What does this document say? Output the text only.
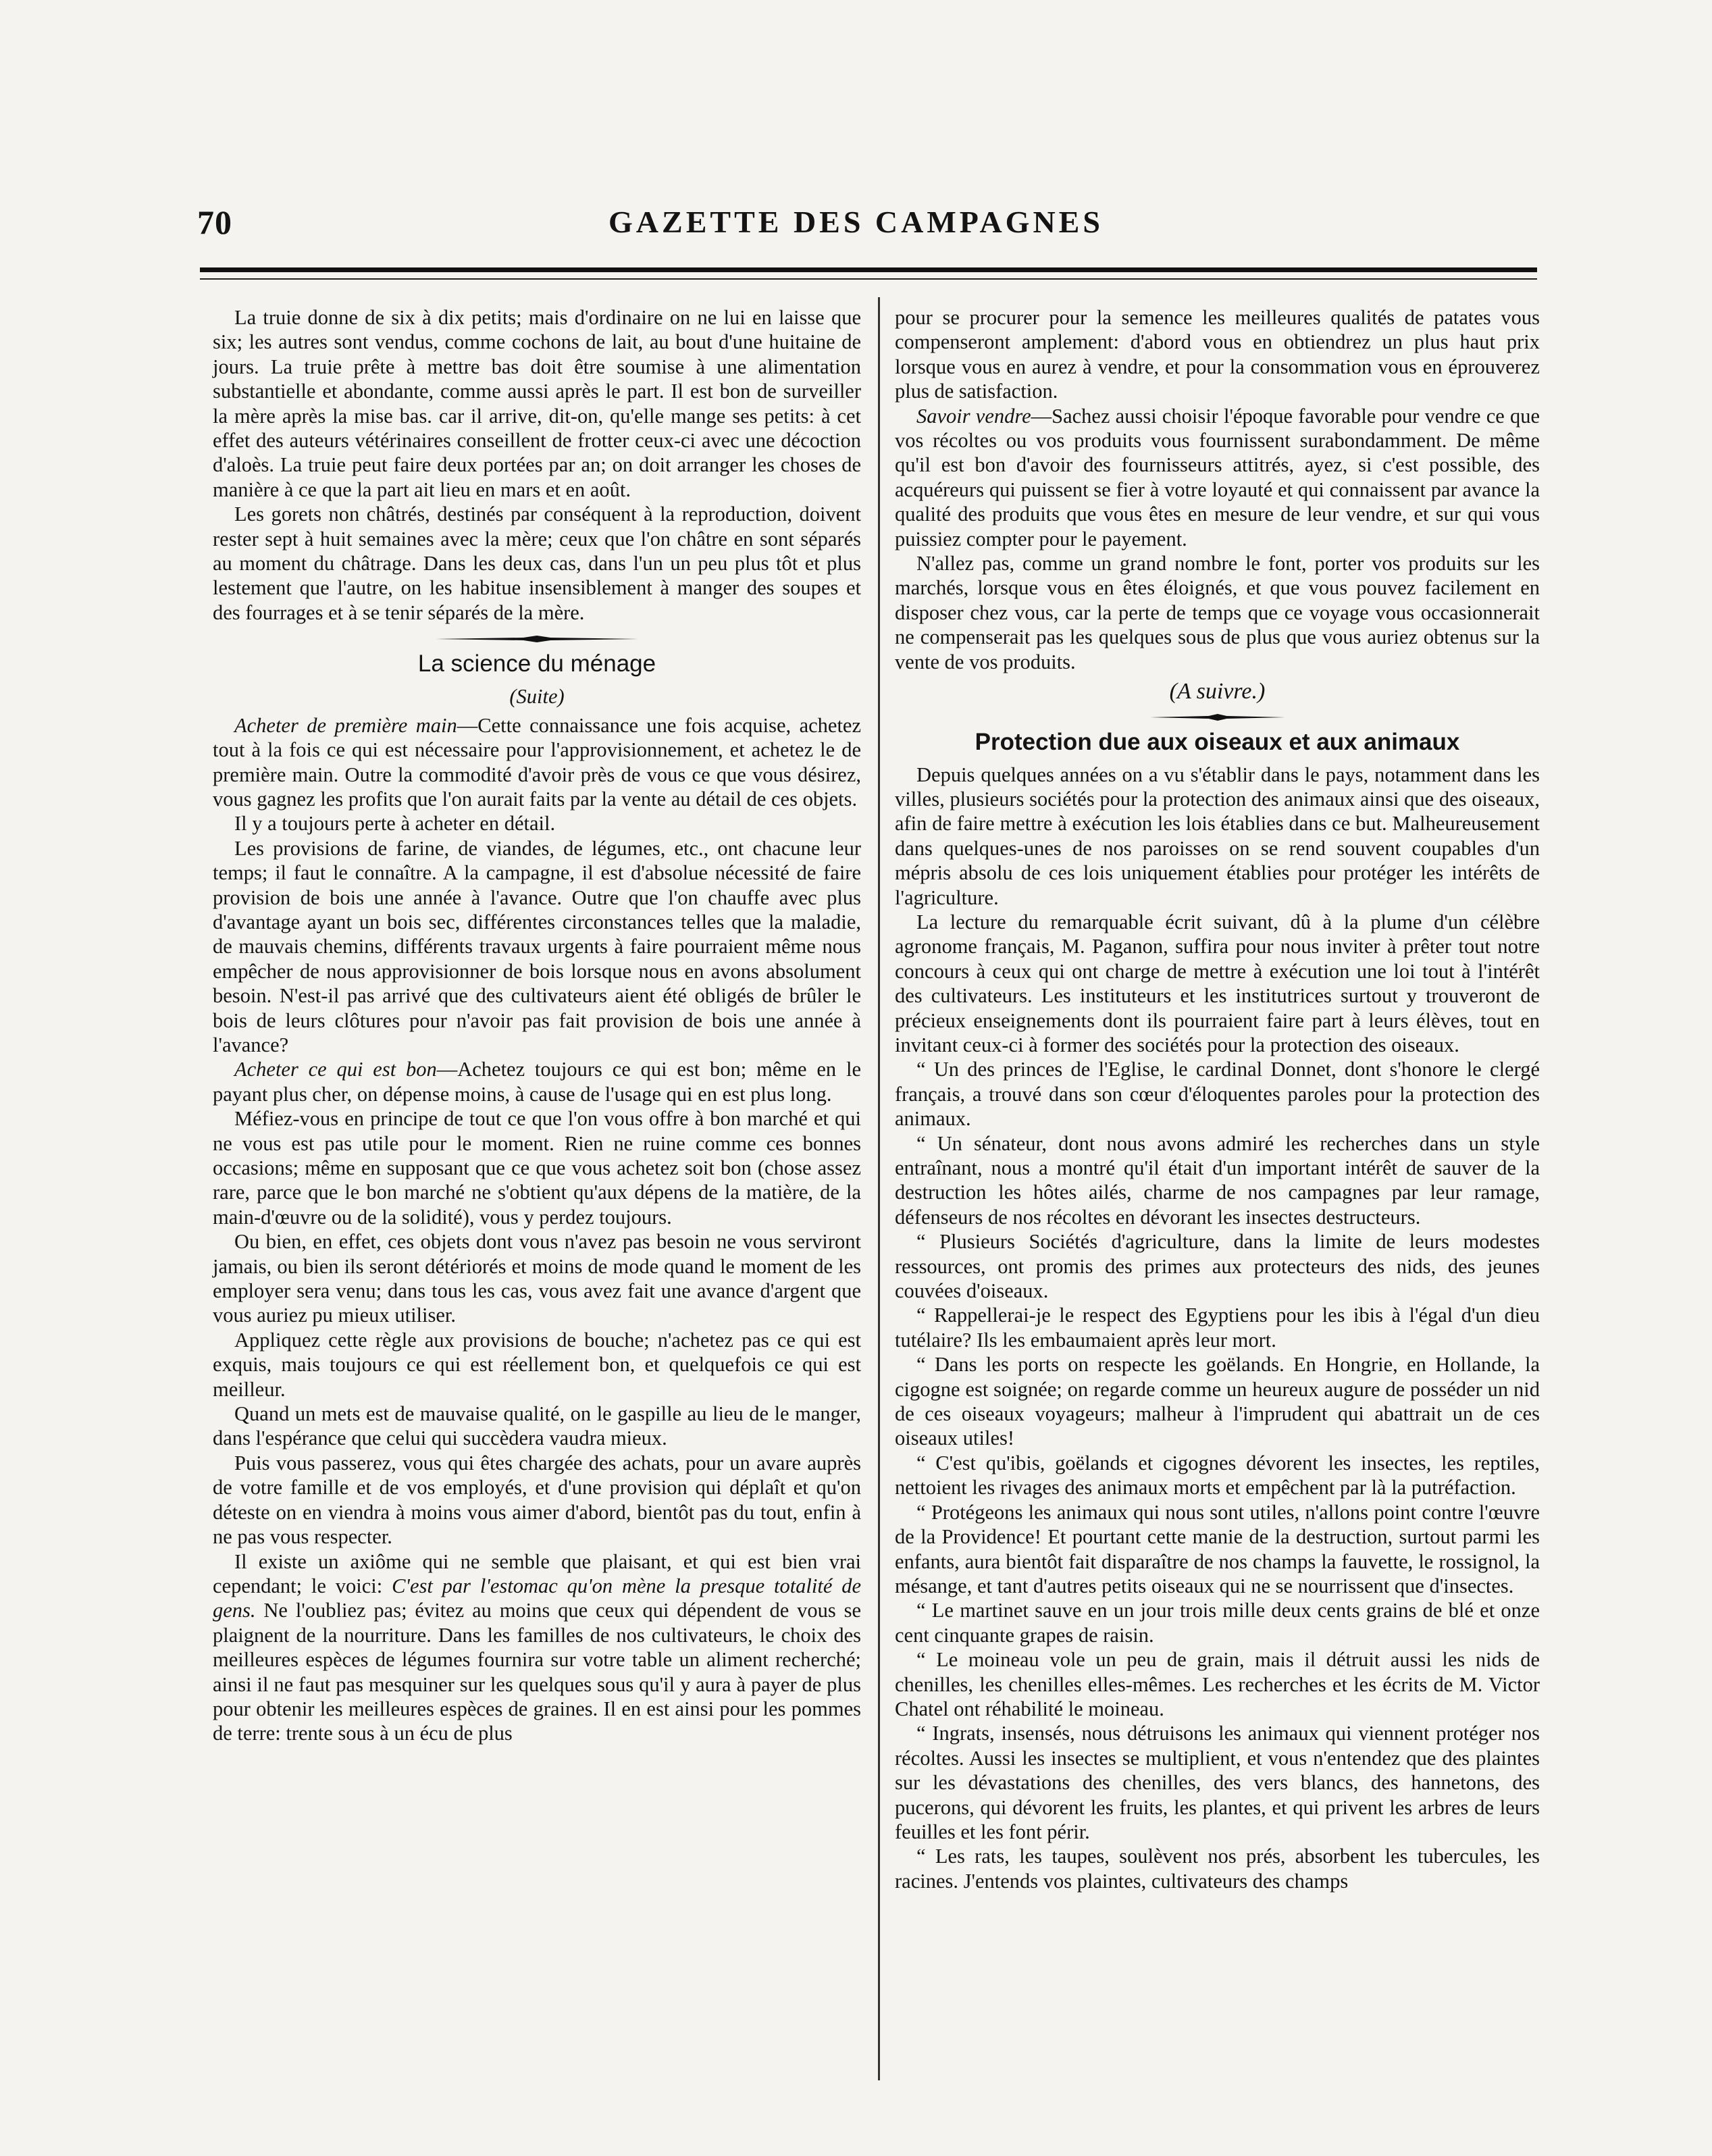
70	GAZETTE DES CAMPAGNES

La truie donne de six à dix petits; mais d'ordinaire on ne lui en laisse que six; les autres sont vendus, comme cochons de lait, au bout d'une huitaine de jours. La truie prête à mettre bas doit être soumise à une alimentation substantielle et abondante, comme aussi après le part. Il est bon de surveiller la mère après la mise bas. car il arrive, dit-on, qu'elle mange ses petits: à cet effet des auteurs vétérinaires conseillent de frotter ceux-ci avec une décoction d'aloès. La truie peut faire deux portées par an; on doit arranger les choses de manière à ce que la part ait lieu en mars et en août.

Les gorets non châtrés, destinés par conséquent à la reproduction, doivent rester sept à huit semaines avec la mère; ceux que l'on châtre en sont séparés au moment du châtrage. Dans les deux cas, dans l'un un peu plus tôt et plus lestement que l'autre, on les habitue insensiblement à manger des soupes et des fourrages et à se tenir séparés de la mère.

La science du ménage
(Suite)

Acheter de première main—Cette connaissance une fois acquise, achetez tout à la fois ce qui est nécessaire pour l'approvisionnement, et achetez le de première main. Outre la commodité d'avoir près de vous ce que vous désirez, vous gagnez les profits que l'on aurait faits par la vente au détail de ces objets.

Il y a toujours perte à acheter en détail.

Les provisions de farine, de viandes, de légumes, etc., ont chacune leur temps; il faut le connaître. A la campagne, il est d'absolue nécessité de faire provision de bois une année à l'avance. Outre que l'on chauffe avec plus d'avantage ayant un bois sec, différentes circonstances telles que la maladie, de mauvais chemins, différents travaux urgents à faire pourraient même nous empêcher de nous approvisionner de bois lorsque nous en avons absolument besoin. N'est-il pas arrivé que des cultivateurs aient été obligés de brûler le bois de leurs clôtures pour n'avoir pas fait provision de bois une année à l'avance?

Acheter ce qui est bon—Achetez toujours ce qui est bon; même en le payant plus cher, on dépense moins, à cause de l'usage qui en est plus long.

Méfiez-vous en principe de tout ce que l'on vous offre à bon marché et qui ne vous est pas utile pour le moment. Rien ne ruine comme ces bonnes occasions; même en supposant que ce que vous achetez soit bon (chose assez rare, parce que le bon marché ne s'obtient qu'aux dépens de la matière, de la main-d'œuvre ou de la solidité), vous y perdez toujours.

Ou bien, en effet, ces objets dont vous n'avez pas besoin ne vous serviront jamais, ou bien ils seront détériorés et moins de mode quand le moment de les employer sera venu; dans tous les cas, vous avez fait une avance d'argent que vous auriez pu mieux utiliser.

Appliquez cette règle aux provisions de bouche; n'achetez pas ce qui est exquis, mais toujours ce qui est réellement bon, et quelquefois ce qui est meilleur.

Quand un mets est de mauvaise qualité, on le gaspille au lieu de le manger, dans l'espérance que celui qui succèdera vaudra mieux.

Puis vous passerez, vous qui êtes chargée des achats, pour un avare auprès de votre famille et de vos employés, et d'une provision qui déplaît et qu'on déteste on en viendra à moins vous aimer d'abord, bientôt pas du tout, enfin à ne pas vous respecter.

Il existe un axiôme qui ne semble que plaisant, et qui est bien vrai cependant; le voici: C'est par l'estomac qu'on mène la presque totalité de gens. Ne l'oubliez pas; évitez au moins que ceux qui dépendent de vous se plaignent de la nourriture. Dans les familles de nos cultivateurs, le choix des meilleures espèces de légumes fournira sur votre table un aliment recherché; ainsi il ne faut pas mesquiner sur les quelques sous qu'il y aura à payer de plus pour obtenir les meilleures espèces de graines. Il en est ainsi pour les pommes de terre: trente sous à un écu de plus

pour se procurer pour la semence les meilleures qualités de patates vous compenseront amplement: d'abord vous en obtiendrez un plus haut prix lorsque vous en aurez à vendre, et pour la consommation vous en éprouverez plus de satisfaction.

Savoir vendre—Sachez aussi choisir l'époque favorable pour vendre ce que vos récoltes ou vos produits vous fournissent surabondamment. De même qu'il est bon d'avoir des fournisseurs attitrés, ayez, si c'est possible, des acquéreurs qui puissent se fier à votre loyauté et qui connaissent par avance la qualité des produits que vous êtes en mesure de leur vendre, et sur qui vous puissiez compter pour le payement.

N'allez pas, comme un grand nombre le font, porter vos produits sur les marchés, lorsque vous en êtes éloignés, et que vous pouvez facilement en disposer chez vous, car la perte de temps que ce voyage vous occasionnerait ne compenserait pas les quelques sous de plus que vous auriez obtenus sur la vente de vos produits.

(A suivre.)
Protection due aux oiseaux et aux animaux

Depuis quelques années on a vu s'établir dans le pays, notamment dans les villes, plusieurs sociétés pour la protection des animaux ainsi que des oiseaux, afin de faire mettre à exécution les lois établies dans ce but. Malheureusement dans quelques-unes de nos paroisses on se rend souvent coupables d'un mépris absolu de ces lois uniquement établies pour protéger les intérêts de l'agriculture.

La lecture du remarquable écrit suivant, dû à la plume d'un célèbre agronome français, M. Paganon, suffira pour nous inviter à prêter tout notre concours à ceux qui ont charge de mettre à exécution une loi tout à l'intérêt des cultivateurs. Les instituteurs et les institutrices surtout y trouveront de précieux enseignements dont ils pourraient faire part à leurs élèves, tout en invitant ceux-ci à former des sociétés pour la protection des oiseaux.

“ Un des princes de l'Eglise, le cardinal Donnet, dont s'honore le clergé français, a trouvé dans son cœur d'éloquentes paroles pour la protection des animaux.

“ Un sénateur, dont nous avons admiré les recherches dans un style entraînant, nous a montré qu'il était d'un important intérêt de sauver de la destruction les hôtes ailés, charme de nos campagnes par leur ramage, défenseurs de nos récoltes en dévorant les insectes destructeurs.

“ Plusieurs Sociétés d'agriculture, dans la limite de leurs modestes ressources, ont promis des primes aux protecteurs des nids, des jeunes couvées d'oiseaux.

“ Rappellerai-je le respect des Egyptiens pour les ibis à l'égal d'un dieu tutélaire? Ils les embaumaient après leur mort.

“ Dans les ports on respecte les goëlands. En Hongrie, en Hollande, la cigogne est soignée; on regarde comme un heureux augure de posséder un nid de ces oiseaux voyageurs; malheur à l'imprudent qui abattrait un de ces oiseaux utiles!

“ C'est qu'ibis, goëlands et cigognes dévorent les insectes, les reptiles, nettoient les rivages des animaux morts et empêchent par là la putréfaction.

“ Protégeons les animaux qui nous sont utiles, n'allons point contre l'œuvre de la Providence! Et pourtant cette manie de la destruction, surtout parmi les enfants, aura bientôt fait disparaître de nos champs la fauvette, le rossignol, la mésange, et tant d'autres petits oiseaux qui ne se nourrissent que d'insectes.

“ Le martinet sauve en un jour trois mille deux cents grains de blé et onze cent cinquante grapes de raisin.

“ Le moineau vole un peu de grain, mais il détruit aussi les nids de chenilles, les chenilles elles-mêmes. Les recherches et les écrits de M. Victor Chatel ont réhabilité le moineau.

“ Ingrats, insensés, nous détruisons les animaux qui viennent protéger nos récoltes. Aussi les insectes se multiplient, et vous n'entendez que des plaintes sur les dévastations des chenilles, des vers blancs, des hannetons, des pucerons, qui dévorent les fruits, les plantes, et qui privent les arbres de leurs feuilles et les font périr.

“ Les rats, les taupes, soulèvent nos prés, absorbent les tubercules, les racines. J'entends vos plaintes, cultivateurs des champs
